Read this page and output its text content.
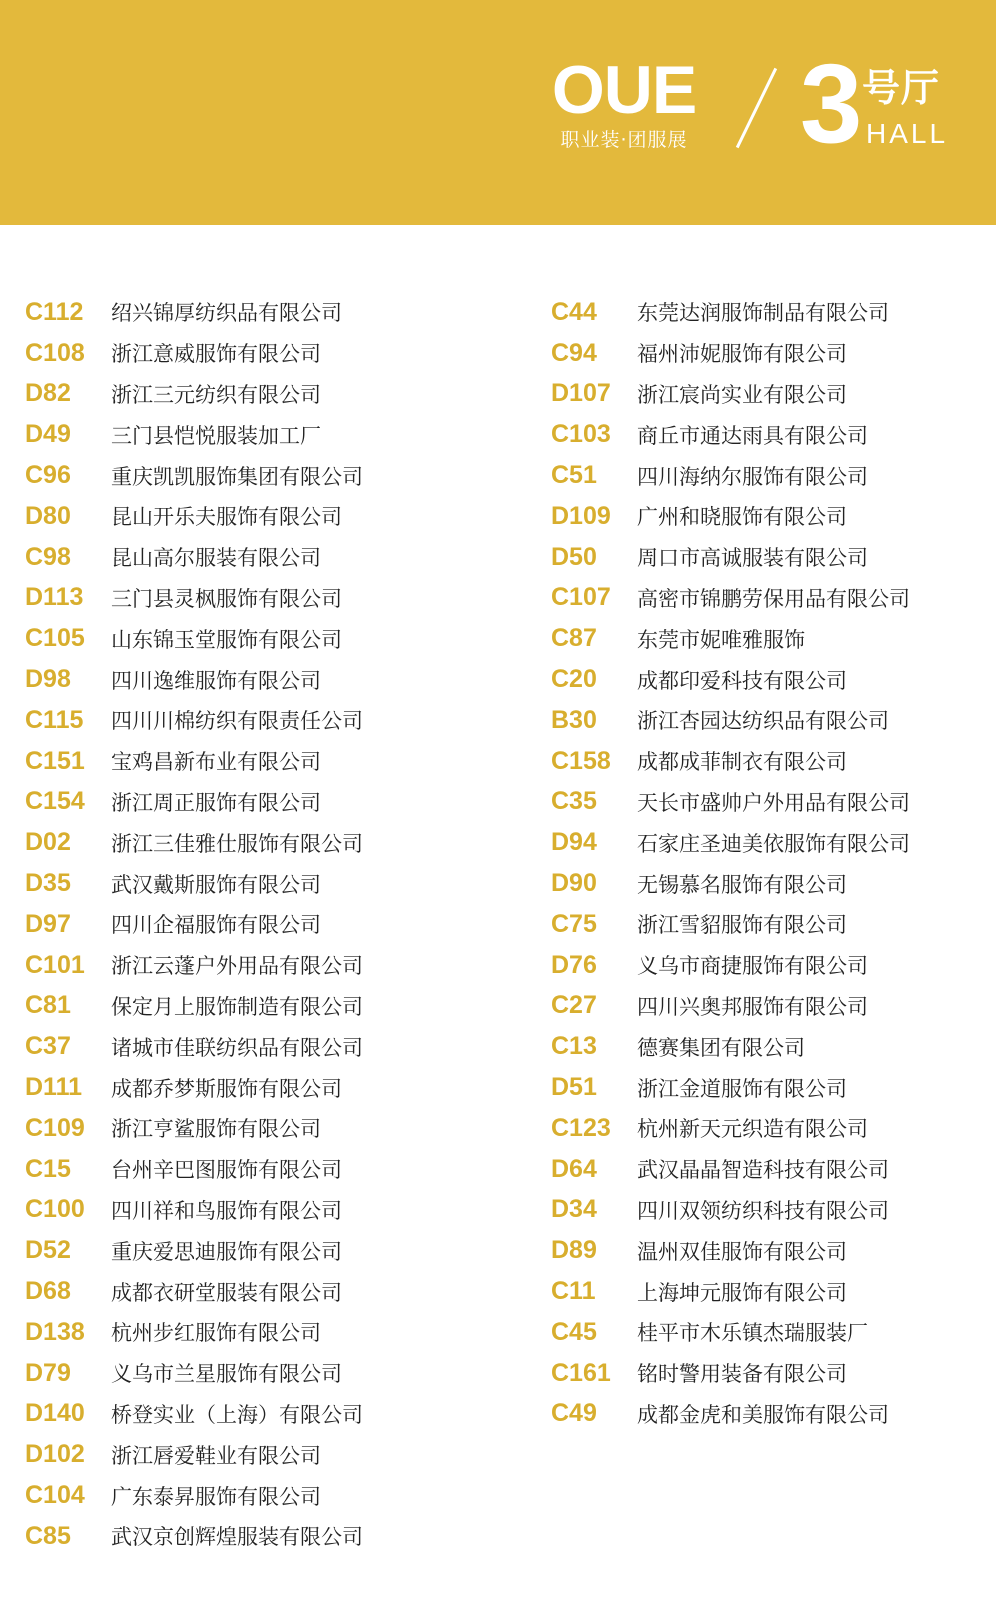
OUE
职业装·团服展 3 号厅
HALL
C112	绍兴锦厚纺织品有限公司
C108	浙江意威服饰有限公司
D82	浙江三元纺织有限公司
D49	三门县恺悦服装加工厂
C96	重庆凯凯服饰集团有限公司
D80	昆山开乐夫服饰有限公司
C98	昆山高尔服装有限公司
D113	三门县灵枫服饰有限公司
C105	山东锦玉堂服饰有限公司
D98	四川逸维服饰有限公司
C115	四川川棉纺织有限责任公司
C151	宝鸡昌新布业有限公司
C154	浙江周正服饰有限公司
D02	浙江三佳雅仕服饰有限公司
D35	武汉戴斯服饰有限公司
D97	四川企福服饰有限公司
C101	浙江云蓬户外用品有限公司
C81	保定月上服饰制造有限公司
C37	诸城市佳联纺织品有限公司
D111	成都乔梦斯服饰有限公司
C109	浙江亨鲨服饰有限公司
C15	台州辛巴图服饰有限公司
C100	四川祥和鸟服饰有限公司
D52	重庆爱思迪服饰有限公司
D68	成都衣研堂服装有限公司
D138	杭州步红服饰有限公司
D79	义乌市兰星服饰有限公司
D140	桥登实业（上海）有限公司
D102	浙江唇爱鞋业有限公司
C104	广东泰昇服饰有限公司
C85	武汉京创辉煌服装有限公司
C44	东莞达润服饰制品有限公司
C94	福州沛妮服饰有限公司
D107	浙江宸尚实业有限公司
C103	商丘市通达雨具有限公司
C51	四川海纳尔服饰有限公司
D109	广州和晓服饰有限公司
D50	周口市高诚服装有限公司
C107	高密市锦鹏劳保用品有限公司
C87	东莞市妮唯雅服饰
C20	成都印爱科技有限公司
B30	浙江杏园达纺织品有限公司
C158	成都成菲制衣有限公司
C35	天长市盛帅户外用品有限公司
D94	石家庄圣迪美依服饰有限公司
D90	无锡慕名服饰有限公司
C75	浙江雪貂服饰有限公司
D76	义乌市商捷服饰有限公司
C27	四川兴奥邦服饰有限公司
C13	德赛集团有限公司
D51	浙江金道服饰有限公司
C123	杭州新天元织造有限公司
D64	武汉晶晶智造科技有限公司
D34	四川双领纺织科技有限公司
D89	温州双佳服饰有限公司
C11	上海坤元服饰有限公司
C45	桂平市木乐镇杰瑞服装厂
C161	铭时警用装备有限公司
C49	成都金虎和美服饰有限公司
